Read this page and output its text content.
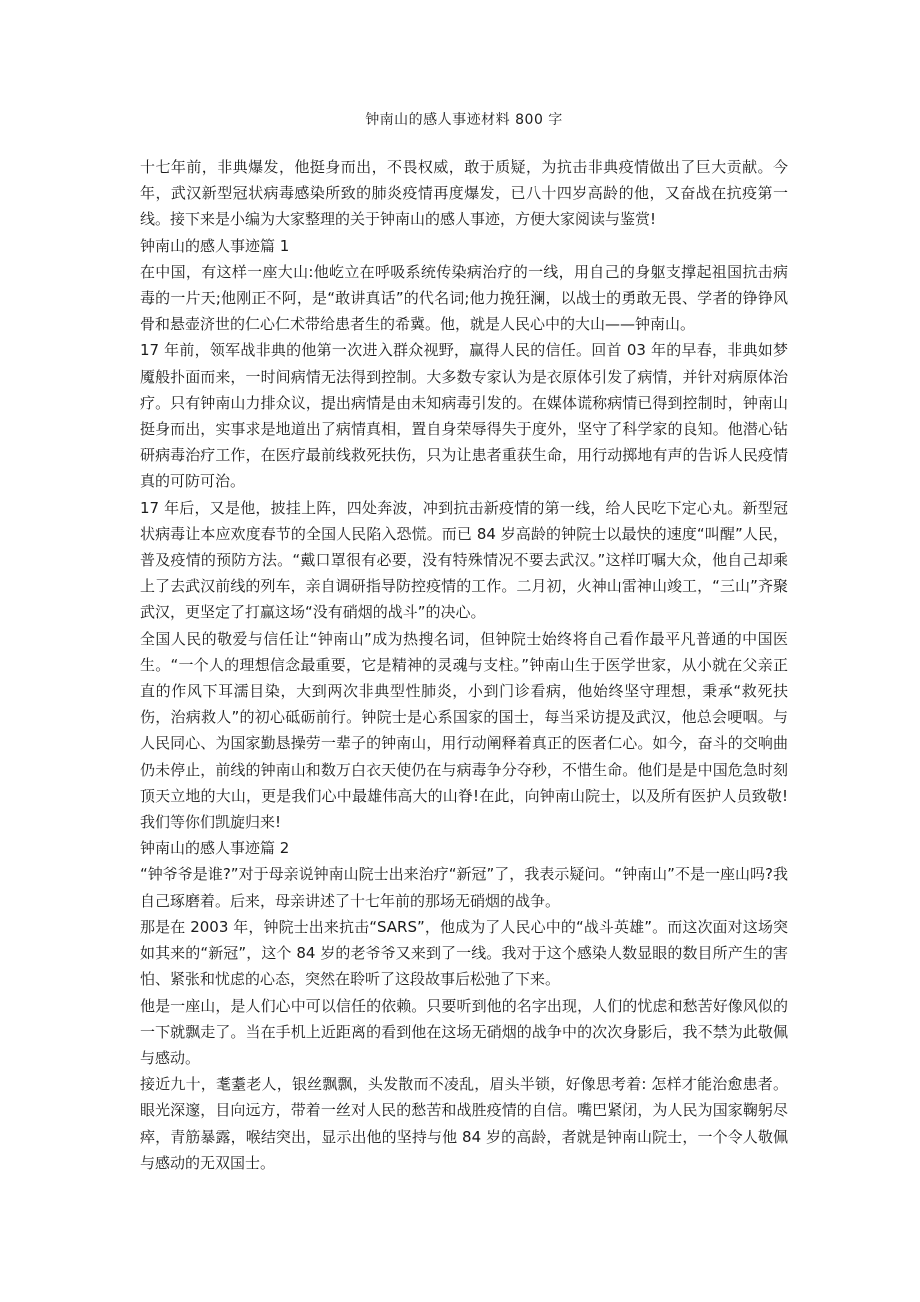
钟南山的感人事迹材料 800 字

十七年前，非典爆发，他挺身而出，不畏权威，敢于质疑，为抗击非典疫情做出了巨大贡献。今年，武汉新型冠状病毒感染所致的肺炎疫情再度爆发，已八十四岁高龄的他，又奋战在抗疫第一线。接下来是小编为大家整理的关于钟南山的感人事迹，方便大家阅读与鉴赏!

钟南山的感人事迹篇 1

在中国，有这样一座大山:他屹立在呼吸系统传染病治疗的一线，用自己的身躯支撑起祖国抗击病毒的一片天;他刚正不阿，是“敢讲真话”的代名词;他力挽狂澜，以战士的勇敢无畏、学者的铮铮风骨和悬壶济世的仁心仁术带给患者生的希冀。他，就是人民心中的大山——钟南山。

17 年前，领军战非典的他第一次进入群众视野，赢得人民的信任。回首 03 年的早春，非典如梦魇般扑面而来，一时间病情无法得到控制。大多数专家认为是衣原体引发了病情，并针对病原体治疗。只有钟南山力排众议，提出病情是由未知病毒引发的。在媒体谎称病情已得到控制时，钟南山挺身而出，实事求是地道出了病情真相，置自身荣辱得失于度外，坚守了科学家的良知。他潜心钻研病毒治疗工作，在医疗最前线救死扶伤，只为让患者重获生命，用行动掷地有声的告诉人民疫情真的可防可治。

17 年后，又是他，披挂上阵，四处奔波，冲到抗击新疫情的第一线，给人民吃下定心丸。新型冠状病毒让本应欢度春节的全国人民陷入恐慌。而已 84 岁高龄的钟院士以最快的速度“叫醒”人民，普及疫情的预防方法。“戴口罩很有必要，没有特殊情况不要去武汉。”这样叮嘱大众，他自己却乘上了去武汉前线的列车，亲自调研指导防控疫情的工作。二月初，火神山雷神山竣工，“三山”齐聚武汉，更坚定了打赢这场“没有硝烟的战斗”的决心。

全国人民的敬爱与信任让“钟南山”成为热搜名词，但钟院士始终将自己看作最平凡普通的中国医生。“一个人的理想信念最重要，它是精神的灵魂与支柱。”钟南山生于医学世家，从小就在父亲正直的作风下耳濡目染，大到两次非典型性肺炎，小到门诊看病，他始终坚守理想，秉承“救死扶伤，治病救人”的初心砥砺前行。钟院士是心系国家的国士，每当采访提及武汉，他总会哽咽。与人民同心、为国家勤恳操劳一辈子的钟南山，用行动阐释着真正的医者仁心。如今，奋斗的交响曲仍未停止，前线的钟南山和数万白衣天使仍在与病毒争分夺秒，不惜生命。他们是是中国危急时刻顶天立地的大山，更是我们心中最雄伟高大的山脊!在此，向钟南山院士，以及所有医护人员致敬!我们等你们凯旋归来!

钟南山的感人事迹篇 2

“钟爷爷是谁?”对于母亲说钟南山院士出来治疗“新冠”了，我表示疑问。“钟南山”不是一座山吗?我自己琢磨着。后来，母亲讲述了十七年前的那场无硝烟的战争。

那是在 2003 年，钟院士出来抗击“SARS”，他成为了人民心中的“战斗英雄”。而这次面对这场突如其来的“新冠”，这个 84 岁的老爷爷又来到了一线。我对于这个感染人数显眼的数目所产生的害怕、紧张和忧虑的心态，突然在聆听了这段故事后松弛了下来。

他是一座山，是人们心中可以信任的依赖。只要听到他的名字出现，人们的忧虑和愁苦好像风似的一下就飘走了。当在手机上近距离的看到他在这场无硝烟的战争中的次次身影后，我不禁为此敬佩与感动。

接近九十，耄耋老人，银丝飘飘，头发散而不凌乱，眉头半锁，好像思考着: 怎样才能治愈患者。眼光深邃，目向远方，带着一丝对人民的愁苦和战胜疫情的自信。嘴巴紧闭，为人民为国家鞠躬尽瘁，青筋暴露，喉结突出，显示出他的坚持与他 84 岁的高龄，者就是钟南山院士，一个令人敬佩与感动的无双国士。
